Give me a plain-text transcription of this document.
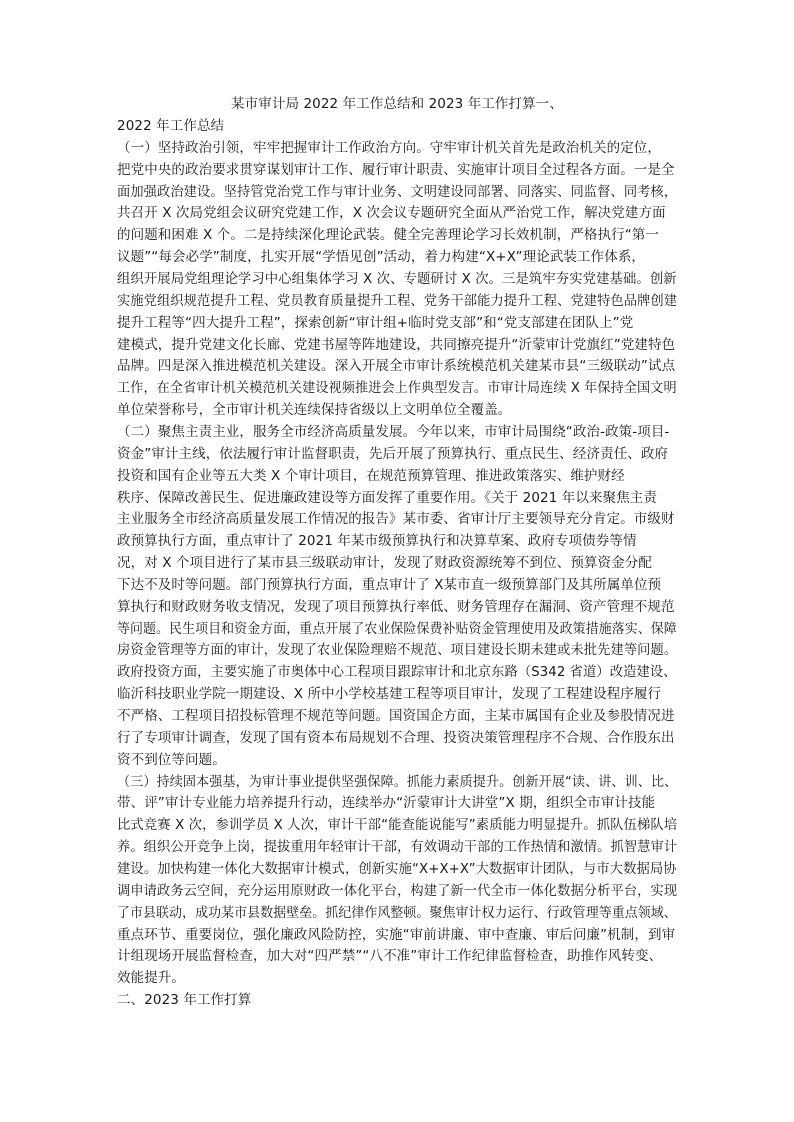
某市审计局 2022 年工作总结和 2023 年工作打算一、
2022 年工作总结
（一）坚持政治引领，牢牢把握审计工作政治方向。守牢审计机关首先是政治机关的定位，
把党中央的政治要求贯穿谋划审计工作、履行审计职责、实施审计项目全过程各方面。一是全
面加强政治建设。坚持管党治党工作与审计业务、文明建设同部署、同落实、同监督、同考核，
共召开 X 次局党组会议研究党建工作，X 次会议专题研究全面从严治党工作，解决党建方面
的问题和困难 X 个。二是持续深化理论武装。健全完善理论学习长效机制，严格执行“第一
议题”“每会必学”制度，扎实开展“学悟见创”活动，着力构建“X+X”理论武装工作体系，
组织开展局党组理论学习中心组集体学习 X 次、专题研讨 X 次。三是筑牢夯实党建基础。创新
实施党组织规范提升工程、党员教育质量提升工程、党务干部能力提升工程、党建特色品牌创建
提升工程等“四大提升工程”，探索创新“审计组+临时党支部”和“党支部建在团队上”党
建模式，提升党建文化长廊、党建书屋等阵地建设，共同擦亮提升“沂蒙审计党旗红”党建特色
品牌。四是深入推进模范机关建设。深入开展全市审计系统模范机关建某市县“三级联动”试点
工作，在全省审计机关模范机关建设视频推进会上作典型发言。市审计局连续 X 年保持全国文明
单位荣誉称号，全市审计机关连续保持省级以上文明单位全覆盖。
（二）聚焦主责主业，服务全市经济高质量发展。今年以来，市审计局围绕“政治-政策-项目-
资金”审计主线，依法履行审计监督职责，先后开展了预算执行、重点民生、经济责任、政府
投资和国有企业等五大类 X 个审计项目，在规范预算管理、推进政策落实、维护财经
秩序、保障改善民生、促进廉政建设等方面发挥了重要作用。《关于 2021 年以来聚焦主责
主业服务全市经济高质量发展工作情况的报告》某市委、省审计厅主要领导充分肯定。市级财
政预算执行方面，重点审计了 2021 年某市级预算执行和决算草案、政府专项债券等情
况，对 X 个项目进行了某市县三级联动审计，发现了财政资源统筹不到位、预算资金分配
下达不及时等问题。部门预算执行方面，重点审计了 X某市直一级预算部门及其所属单位预
算执行和财政财务收支情况，发现了项目预算执行率低、财务管理存在漏洞、资产管理不规范
等问题。民生项目和资金方面，重点开展了农业保险保费补贴资金管理使用及政策措施落实、保障
房资金管理等方面的审计，发现了农业保险理赔不规范、项目建设长期未建或未批先建等问题。
政府投资方面，主要实施了市奥体中心工程项目跟踪审计和北京东路（S342 省道）改造建设、
临沂科技职业学院一期建设、X 所中小学校基建工程等项目审计，发现了工程建设程序履行
不严格、工程项目招投标管理不规范等问题。国资国企方面，主某市属国有企业及参股情况进
行了专项审计调查，发现了国有资本布局规划不合理、投资决策管理程序不合规、合作股东出
资不到位等问题。
（三）持续固本强基，为审计事业提供坚强保障。抓能力素质提升。创新开展“读、讲、训、比、
带、评”审计专业能力培养提升行动，连续举办“沂蒙审计大讲堂”X 期，组织全市审计技能
比式竞赛 X 次，参训学员 X 人次，审计干部“能查能说能写”素质能力明显提升。抓队伍梯队培
养。组织公开竞争上岗，提拔重用年轻审计干部，有效调动干部的工作热情和激情。抓智慧审计
建设。加快构建一体化大数据审计模式，创新实施“X+X+X”大数据审计团队，与市大数据局协
调申请政务云空间，充分运用原财政一体化平台，构建了新一代全市一体化数据分析平台，实现
了市县联动，成功某市县数据壁垒。抓纪律作风整顿。聚焦审计权力运行、行政管理等重点领域、
重点环节、重要岗位，强化廉政风险防控，实施“审前讲廉、审中查廉、审后问廉”机制，到审
计组现场开展监督检查，加大对“四严禁”“八不准”审计工作纪律监督检查，助推作风转变、
效能提升。
二、2023 年工作打算
